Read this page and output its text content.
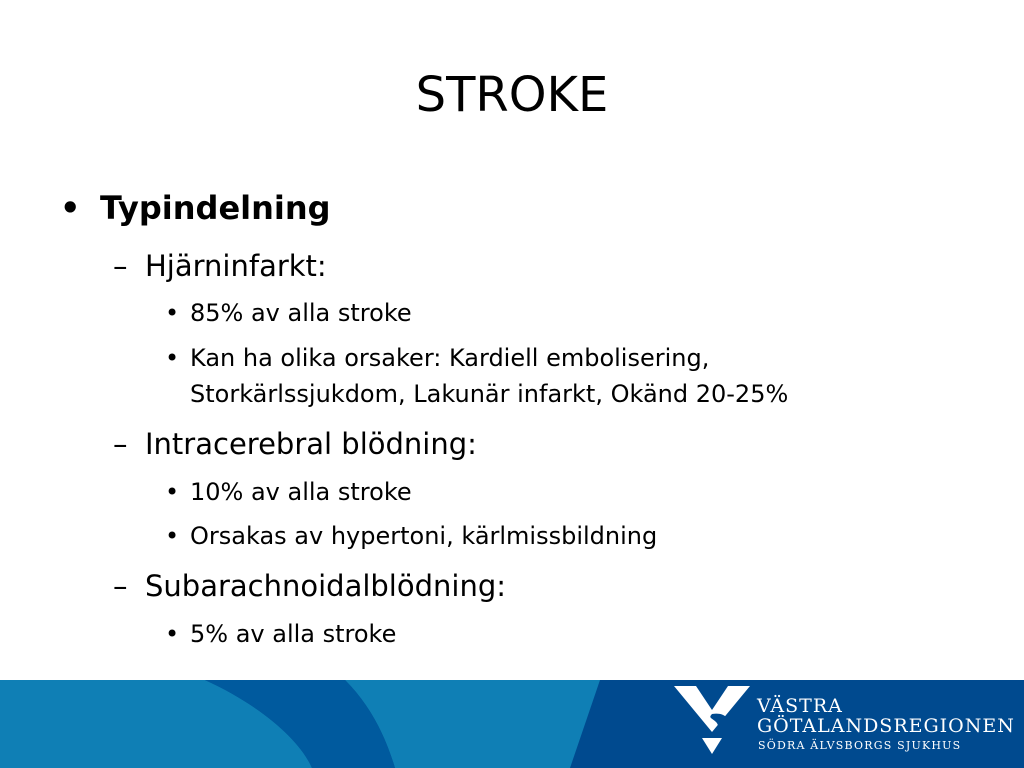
STROKE
• Typindelning
– Hjärninfarkt:
• 85% av alla stroke
• Kan ha olika orsaker: Kardiell embolisering,
Storkärlssjukdom, Lakunär infarkt, Okänd 20-25%
– Intracerebral blödning:
• 10% av alla stroke
• Orsakas av hypertoni, kärlmissbildning
– Subarachnoidalblödning:
• 5% av alla stroke
VÄSTRA
GÖTALANDSREGIONEN
SÖDRA ÄLVSBORGS SJUKHUS
